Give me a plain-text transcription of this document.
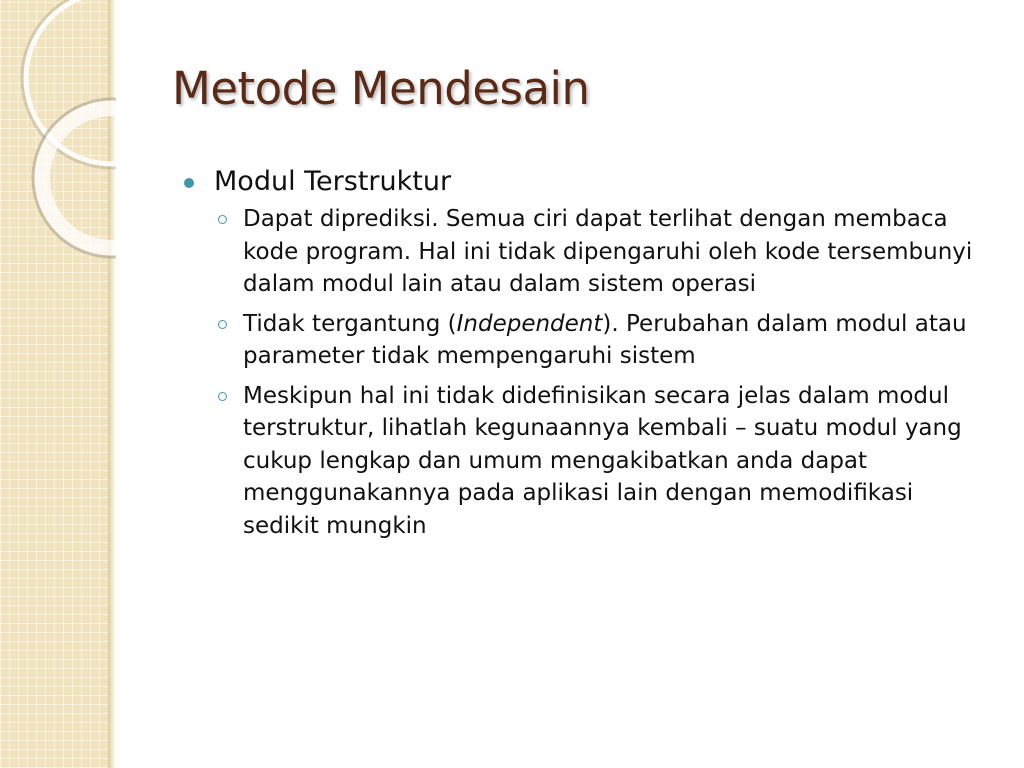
Metode Mendesain
Modul Terstruktur
Dapat diprediksi. Semua ciri dapat terlihat dengan membaca kode program. Hal ini tidak dipengaruhi oleh kode tersembunyi dalam modul lain atau dalam sistem operasi
Tidak tergantung (Independent). Perubahan dalam modul atau parameter tidak mempengaruhi sistem
Meskipun hal ini tidak didefinisikan secara jelas dalam modul terstruktur, lihatlah kegunaannya kembali – suatu modul yang cukup lengkap dan umum mengakibatkan anda dapat menggunakannya pada aplikasi lain dengan memodifikasi sedikit mungkin
